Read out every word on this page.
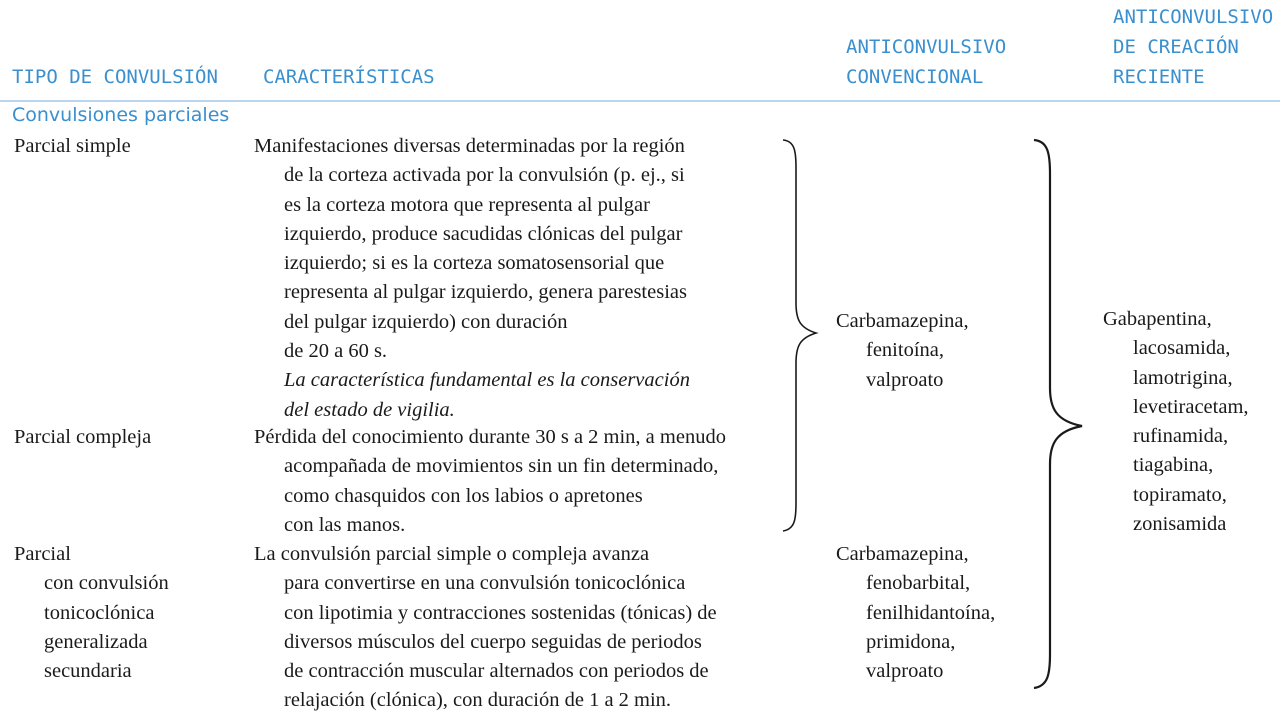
TIPO DE CONVULSIÓN CARACTERÍSTICAS
ANTICONVULSIVO
CONVENCIONAL
ANTICONVULSIVO
DE CREACIÓN
RECIENTE
Convulsiones parciales
Parcial simple	Manifestaciones diversas determinadas por la región
de la corteza activada por la convulsión (p. ej., si
es la corteza motora que representa al pulgar
izquierdo, produce sacudidas clónicas del pulgar
izquierdo; si es la corteza somatosensorial que
representa al pulgar izquierdo, genera parestesias
del pulgar izquierdo) con duración
de 20 a 60 s.
La característica fundamental es la conservación
del estado de vigilia.
Parcial compleja	Pérdida del conocimiento durante 30 s a 2 min, a menudo
acompañada de movimientos sin un fin determinado,
como chasquidos con los labios o apretones
con las manos.
Parcial
con convulsión
tonicoclónica
generalizada
secundaria
La convulsión parcial simple o compleja avanza
para convertirse en una convulsión tonicoclónica
con lipotimia y contracciones sostenidas (tónicas) de
diversos músculos del cuerpo seguidas de periodos
de contracción muscular alternados con periodos de
relajación (clónica), con duración de 1 a 2 min.
Carbamazepina,
fenitoína,
valproato
Carbamazepina,
fenobarbital,
fenilhidantoína,
primidona,
valproato
Gabapentina,
lacosamida,
lamotrigina,
levetiracetam,
rufinamida,
tiagabina,
topiramato,
zonisamida
